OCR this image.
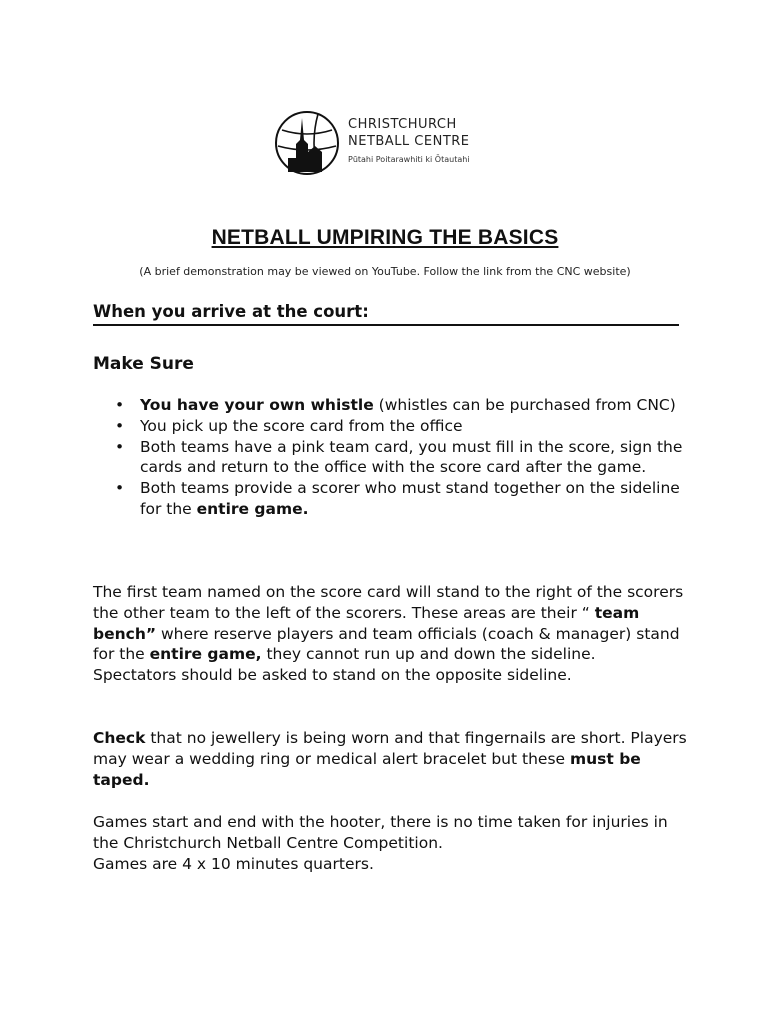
CHRISTCHURCH
NETBALL CENTRE
Pūtahi Poitarawhiti ki Ōtautahi
NETBALL UMPIRING THE BASICS
(A brief demonstration may be viewed on YouTube. Follow the link from the CNC website)
When you arrive at the court:
Make Sure
• You have your own whistle (whistles can be purchased from CNC)
• You pick up the score card from the office
• Both teams have a pink team card, you must fill in the score, sign the cards and return to the office with the score card after the game.
• Both teams provide a scorer who must stand together on the sideline for the entire game.
The first team named on the score card will stand to the right of the scorers the other team to the left of the scorers. These areas are their “ team bench” where reserve players and team officials (coach & manager) stand for the entire game, they cannot run up and down the sideline.
Spectators should be asked to stand on the opposite sideline.
Check that no jewellery is being worn and that fingernails are short. Players may wear a wedding ring or medical alert bracelet but these must be taped.
Games start and end with the hooter, there is no time taken for injuries in the Christchurch Netball Centre Competition.
Games are 4 x 10 minutes quarters.
